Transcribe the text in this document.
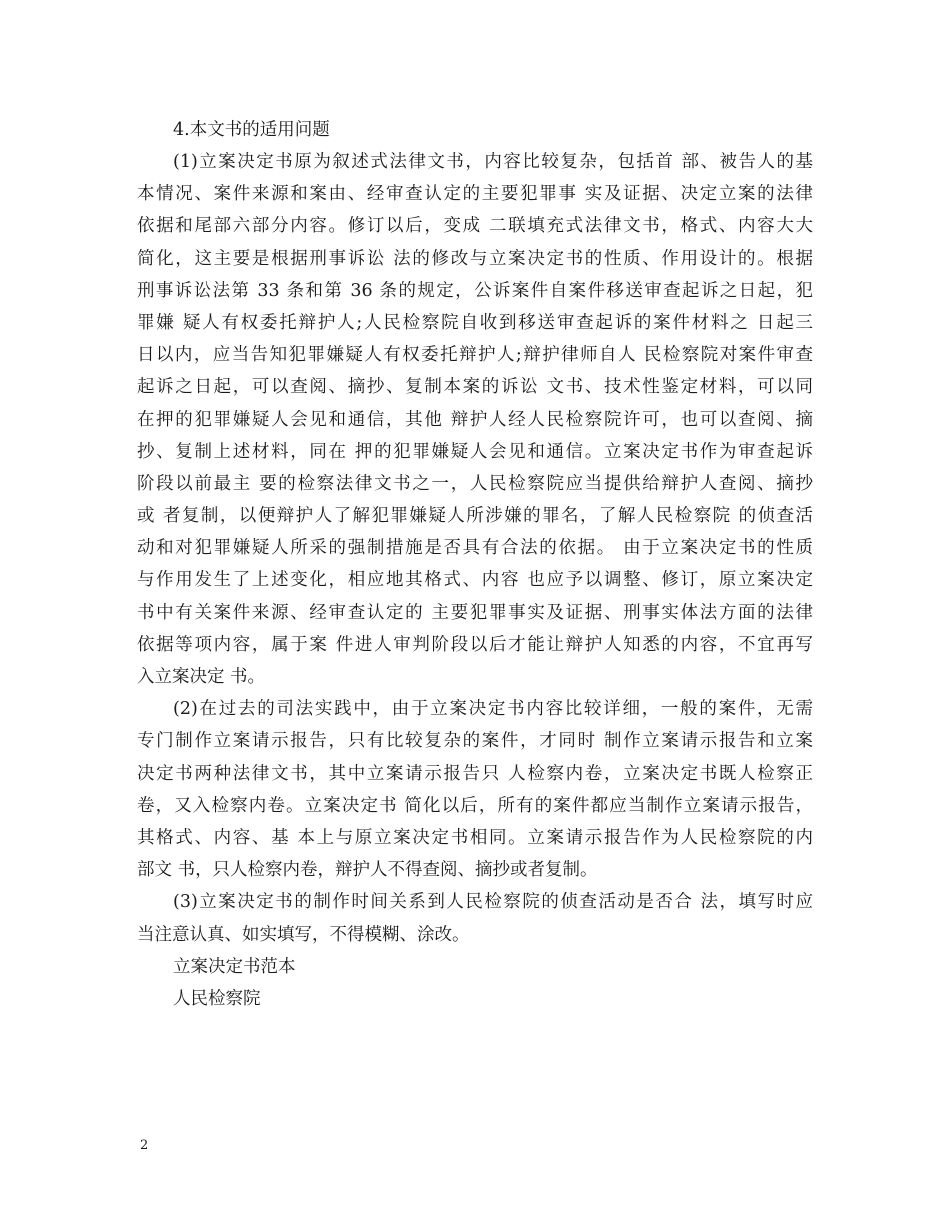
4.本文书的适用问题

(1)立案决定书原为叙述式法律文书，内容比较复杂，包括首 部、被告人的基
本情况、案件来源和案由、经审查认定的主要犯罪事 实及证据、决定立案的法律
依据和尾部六部分内容。修订以后，变成 二联填充式法律文书，格式、内容大大
简化，这主要是根据刑事诉讼 法的修改与立案决定书的性质、作用设计的。根据
刑事诉讼法第 33 条和第 36 条的规定，公诉案件自案件移送审查起诉之日起，犯
罪嫌 疑人有权委托辩护人;人民检察院自收到移送审查起诉的案件材料之 日起三
日以内，应当告知犯罪嫌疑人有权委托辩护人;辩护律师自人 民检察院对案件审查
起诉之日起，可以查阅、摘抄、复制本案的诉讼 文书、技术性鉴定材料，可以同
在押的犯罪嫌疑人会见和通信，其他 辩护人经人民检察院许可，也可以查阅、摘
抄、复制上述材料，同在 押的犯罪嫌疑人会见和通信。立案决定书作为审查起诉
阶段以前最主 要的检察法律文书之一，人民检察院应当提供给辩护人查阅、摘抄
或 者复制，以便辩护人了解犯罪嫌疑人所涉嫌的罪名，了解人民检察院 的侦查活
动和对犯罪嫌疑人所采的强制措施是否具有合法的依据。 由于立案决定书的性质
与作用发生了上述变化，相应地其格式、内容 也应予以调整、修订，原立案决定
书中有关案件来源、经审查认定的 主要犯罪事实及证据、刑事实体法方面的法律
依据等项内容，属于案 件进人审判阶段以后才能让辩护人知悉的内容，不宜再写
入立案决定 书。
(2)在过去的司法实践中，由于立案决定书内容比较详细，一般的案件，无需
专门制作立案请示报告，只有比较复杂的案件，才同时 制作立案请示报告和立案
决定书两种法律文书，其中立案请示报告只 人检察内卷，立案决定书既人检察正
卷，又入检察内卷。立案决定书 简化以后，所有的案件都应当制作立案请示报告，
其格式、内容、基 本上与原立案决定书相同。立案请示报告作为人民检察院的内
部文 书，只人检察内卷，辩护人不得查阅、摘抄或者复制。
(3)立案决定书的制作时间关系到人民检察院的侦查活动是否合 法，填写时应
当注意认真、如实填写，不得模糊、涂改。
立案决定书范本
人民检察院
2
